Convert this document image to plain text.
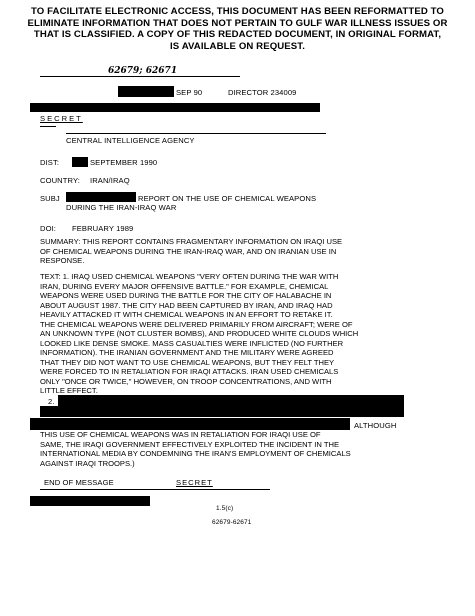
TO FACILITATE ELECTRONIC ACCESS, THIS DOCUMENT HAS BEEN REFORMATTED TO
ELIMINATE INFORMATION THAT DOES NOT PERTAIN TO GULF WAR ILLNESS ISSUES OR
THAT IS CLASSIFIED. A COPY OF THIS REDACTED DOCUMENT, IN ORIGINAL FORMAT,
IS AVAILABLE ON REQUEST.
62679; 62671
SEP 90	DIRECTOR 234009
SECRET
CENTRAL INTELLIGENCE AGENCY
DIST:	SEPTEMBER 1990
COUNTRY: IRAN/IRAQ
SUBJ	REPORT ON THE USE OF CHEMICAL WEAPONS
DURING THE IRAN-IRAQ WAR
DOI: FEBRUARY 1989
SUMMARY: THIS REPORT CONTAINS FRAGMENTARY INFORMATION ON IRAQI USE
OF CHEMICAL WEAPONS DURING THE IRAN-IRAQ WAR, AND ON IRANIAN USE IN
RESPONSE.
TEXT: 1. IRAQ USED CHEMICAL WEAPONS "VERY OFTEN DURING THE WAR WITH
IRAN, DURING EVERY MAJOR OFFENSIVE BATTLE." FOR EXAMPLE, CHEMICAL
WEAPONS WERE USED DURING THE BATTLE FOR THE CITY OF HALABACHE IN
ABOUT AUGUST 1987. THE CITY HAD BEEN CAPTURED BY IRAN, AND IRAQ HAD
HEAVILY ATTACKED IT WITH CHEMICAL WEAPONS IN AN EFFORT TO RETAKE IT.
THE CHEMICAL WEAPONS WERE DELIVERED PRIMARILY FROM AIRCRAFT; WERE OF
AN UNKNOWN TYPE (NOT CLUSTER BOMBS), AND PRODUCED WHITE CLOUDS WHICH
LOOKED LIKE DENSE SMOKE. MASS CASUALTIES WERE INFLICTED (NO FURTHER
INFORMATION). THE IRANIAN GOVERNMENT AND THE MILITARY WERE AGREED
THAT THEY DID NOT WANT TO USE CHEMICAL WEAPONS, BUT THEY FELT THEY
WERE FORCED TO IN RETALIATION FOR IRAQI ATTACKS. IRAN USED CHEMICALS
ONLY "ONCE OR TWICE," HOWEVER, ON TROOP CONCENTRATIONS, AND WITH
LITTLE EFFECT.
2.
ALTHOUGH
THIS USE OF CHEMICAL WEAPONS WAS IN RETALIATION FOR IRAQI USE OF
SAME, THE IRAQI GOVERNMENT EFFECTIVELY EXPLOITED THE INCIDENT IN THE
INTERNATIONAL MEDIA BY CONDEMNING THE IRAN'S EMPLOYMENT OF CHEMICALS
AGAINST IRAQI TROOPS.)
END OF MESSAGE	SECRET
1.5(c)
62679-62671
